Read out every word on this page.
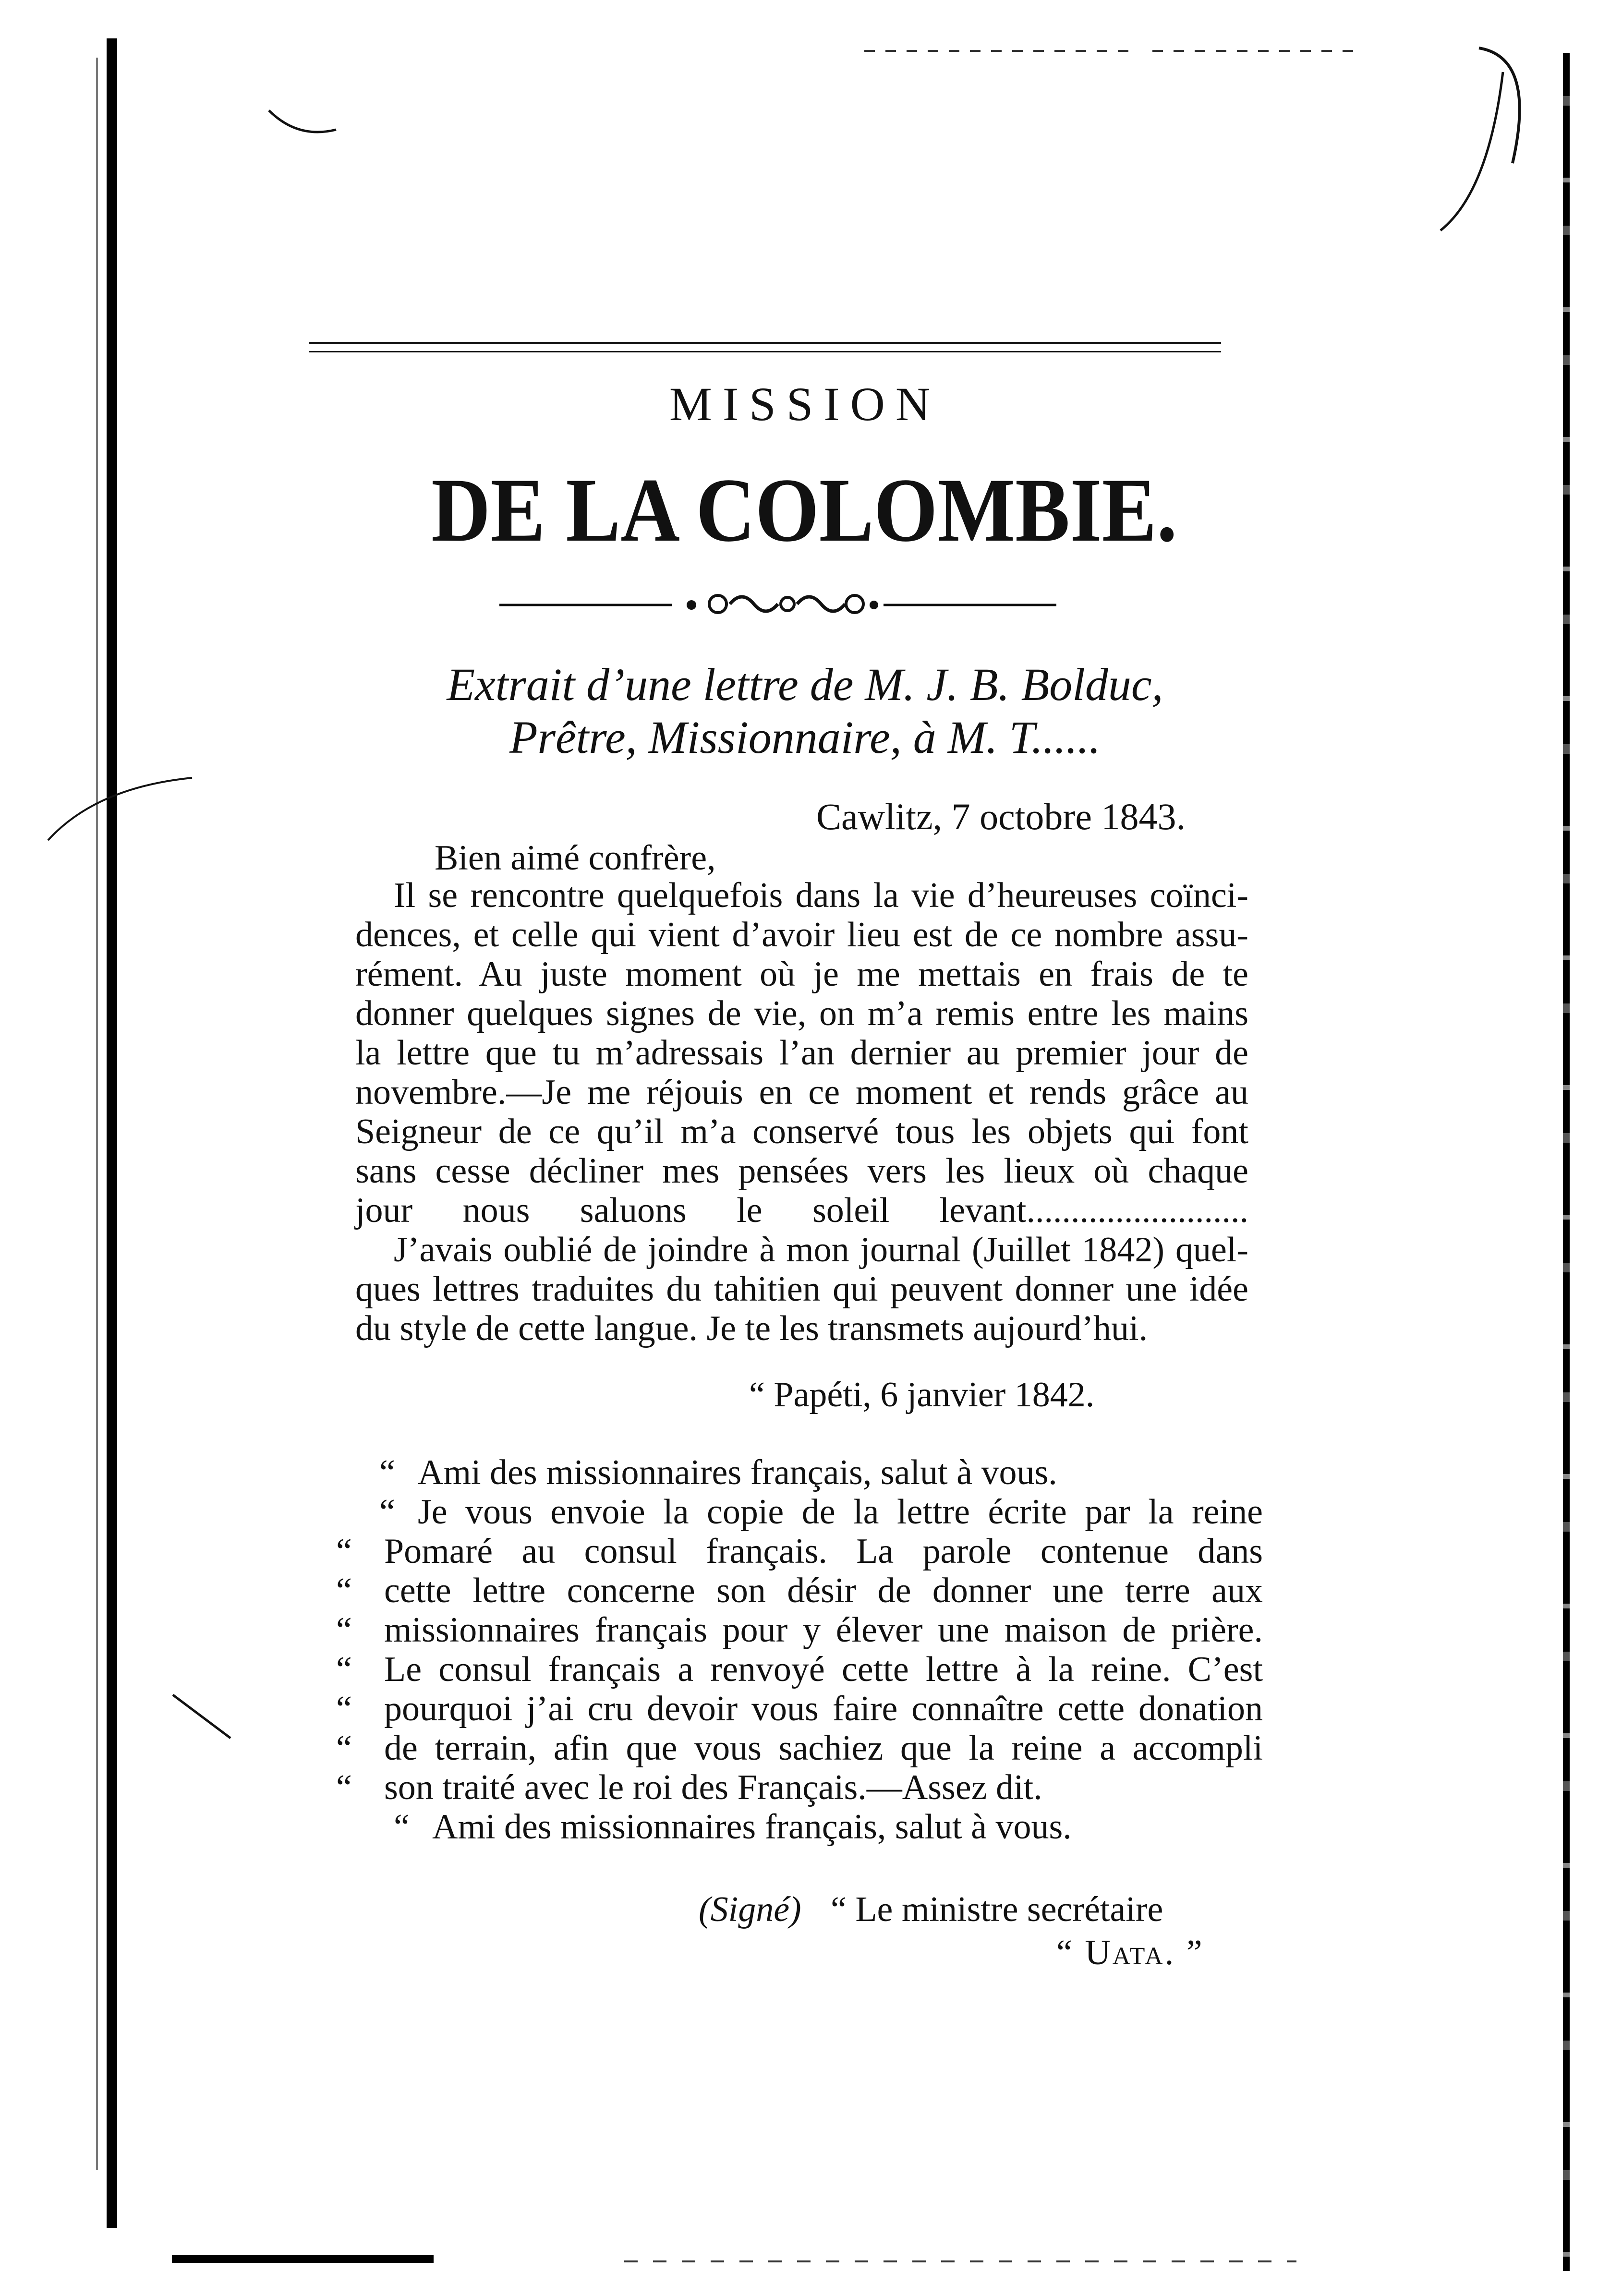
MISSION
DE LA COLOMBIE.
Extrait d’une lettre de M. J. B. Bolduc,
Prêtre, Missionnaire, à M. T......
Cawlitz, 7 octobre 1843.
Bien aimé confrère,
Il se rencontre quelquefois dans la vie d’heureuses coïnci-
dences, et celle qui vient d’avoir lieu est de ce nombre assu-
rément. Au juste moment où je me mettais en frais de te
donner quelques signes de vie, on m’a remis entre les mains
la lettre que tu m’adressais l’an dernier au premier jour de
novembre.—Je me réjouis en ce moment et rends grâce au
Seigneur de ce qu’il m’a conservé tous les objets qui font
sans cesse décliner mes pensées vers les lieux où chaque
jour nous saluons le soleil levant.........................
J’avais oublié de joindre à mon journal (Juillet 1842) quel-
ques lettres traduites du tahitien qui peuvent donner une idée
du style de cette langue. Je te les transmets aujourd’hui.
“ Papéti, 6 janvier 1842.
“ Ami des missionnaires français, salut à vous.
“ Je vous envoie la copie de la lettre écrite par la reine
“ Pomaré au consul français. La parole contenue dans
“ cette lettre concerne son désir de donner une terre aux
“ missionnaires français pour y élever une maison de prière.
“ Le consul français a renvoyé cette lettre à la reine. C’est
“ pourquoi j’ai cru devoir vous faire connaître cette donation
“ de terrain, afin que vous sachiez que la reine a accompli
“ son traité avec le roi des Français.—Assez dit.
“ Ami des missionnaires français, salut à vous.
(Signé) “ Le ministre secrétaire
“ Uata. ”
